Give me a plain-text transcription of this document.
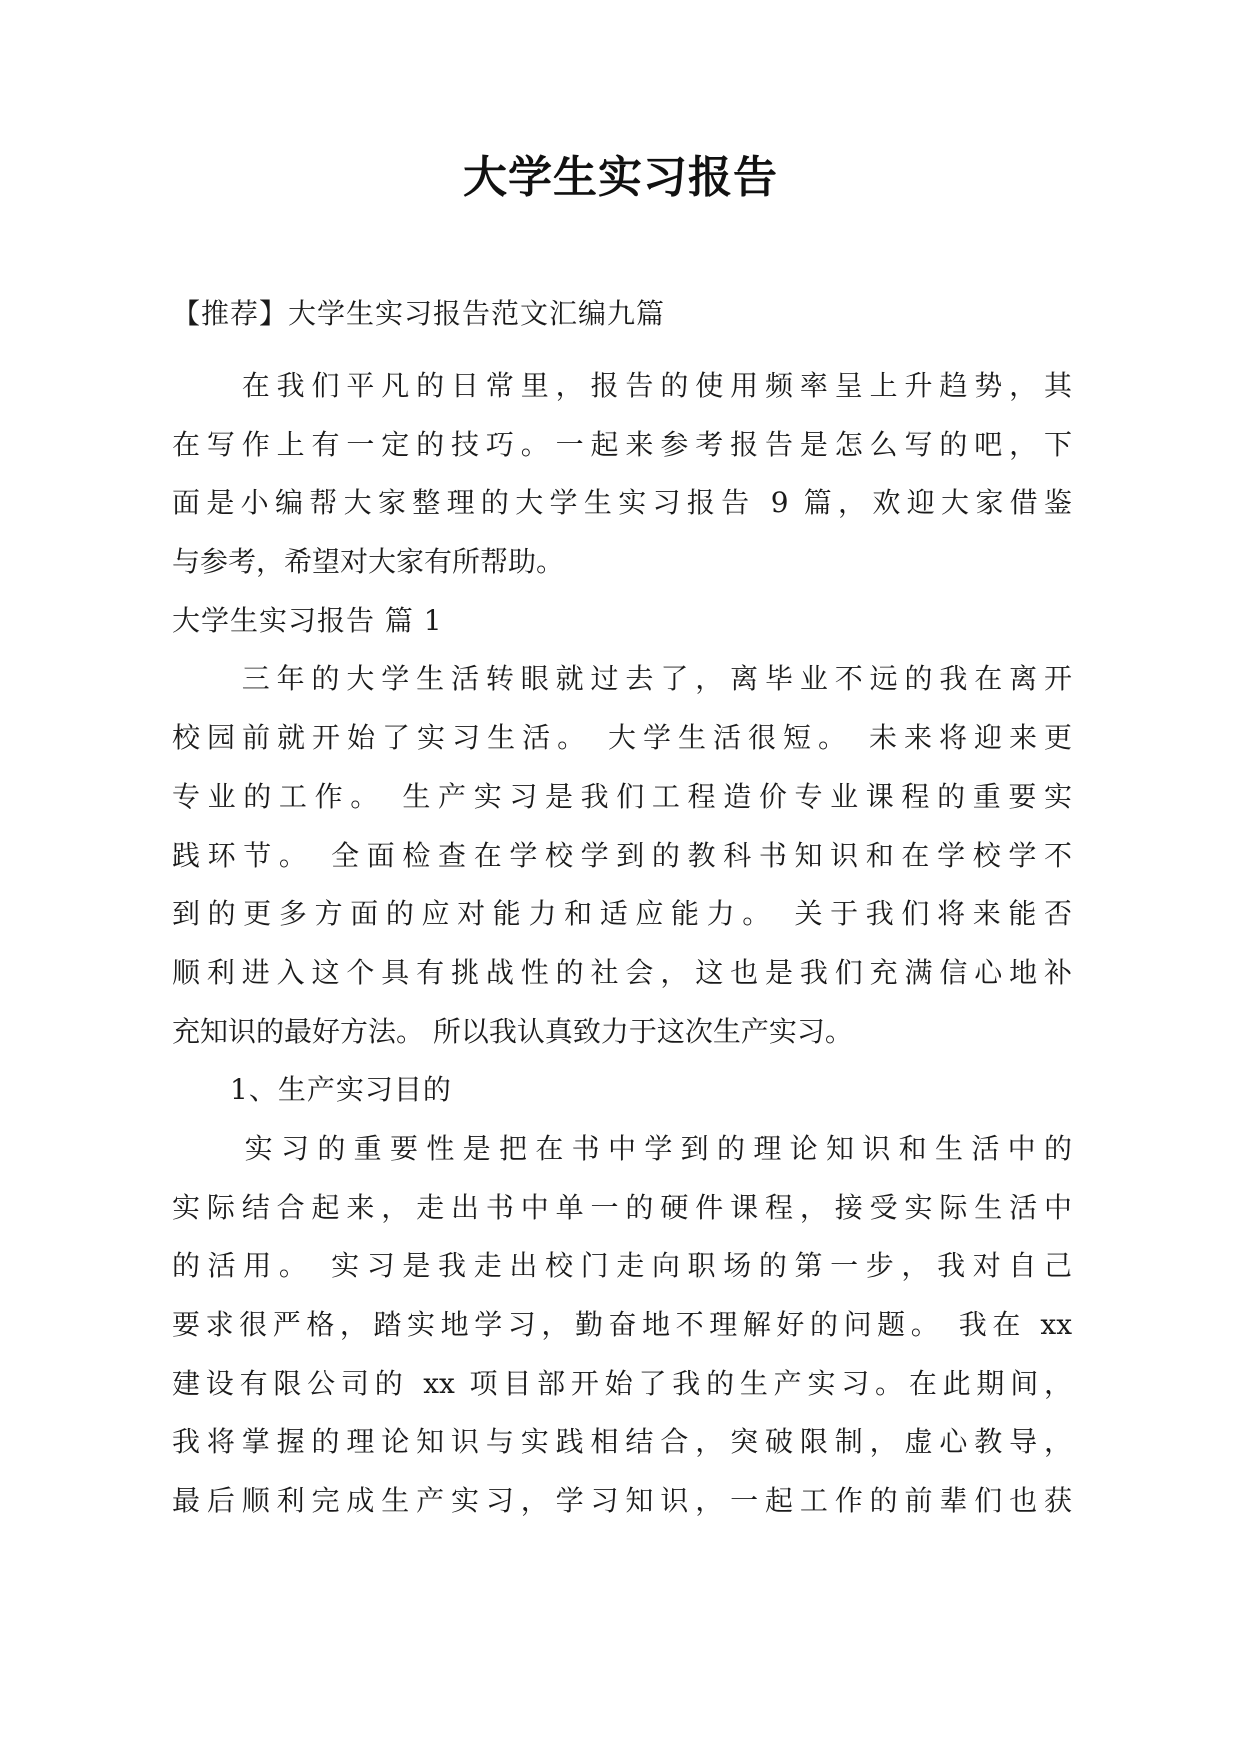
大学生实习报告
【推荐】大学生实习报告范文汇编九篇
　　在我们平凡的日常里，报告的使用频率呈上升趋势，其
在写作上有一定的技巧。一起来参考报告是怎么写的吧，下
面是小编帮大家整理的大学生实习报告 9 篇，欢迎大家借鉴
与参考，希望对大家有所帮助。
大学生实习报告 篇 1
　　三年的大学生活转眼就过去了，离毕业不远的我在离开
校园前就开始了实习生活。 大学生活很短。 未来将迎来更
专业的工作。 生产实习是我们工程造价专业课程的重要实
践环节。 全面检查在学校学到的教科书知识和在学校学不
到的更多方面的应对能力和适应能力。 关于我们将来能否
顺利进入这个具有挑战性的社会，这也是我们充满信心地补
充知识的最好方法。 所以我认真致力于这次生产实习。
　　1、生产实习目的
　　实习的重要性是把在书中学到的理论知识和生活中的
实际结合起来，走出书中单一的硬件课程，接受实际生活中
的活用。 实习是我走出校门走向职场的第一步，我对自己
要求很严格，踏实地学习，勤奋地不理解好的问题。 我在 xx
建设有限公司的 xx 项目部开始了我的生产实习。在此期间，
我将掌握的理论知识与实践相结合，突破限制，虚心教导，
最后顺利完成生产实习，学习知识，一起工作的前辈们也获
